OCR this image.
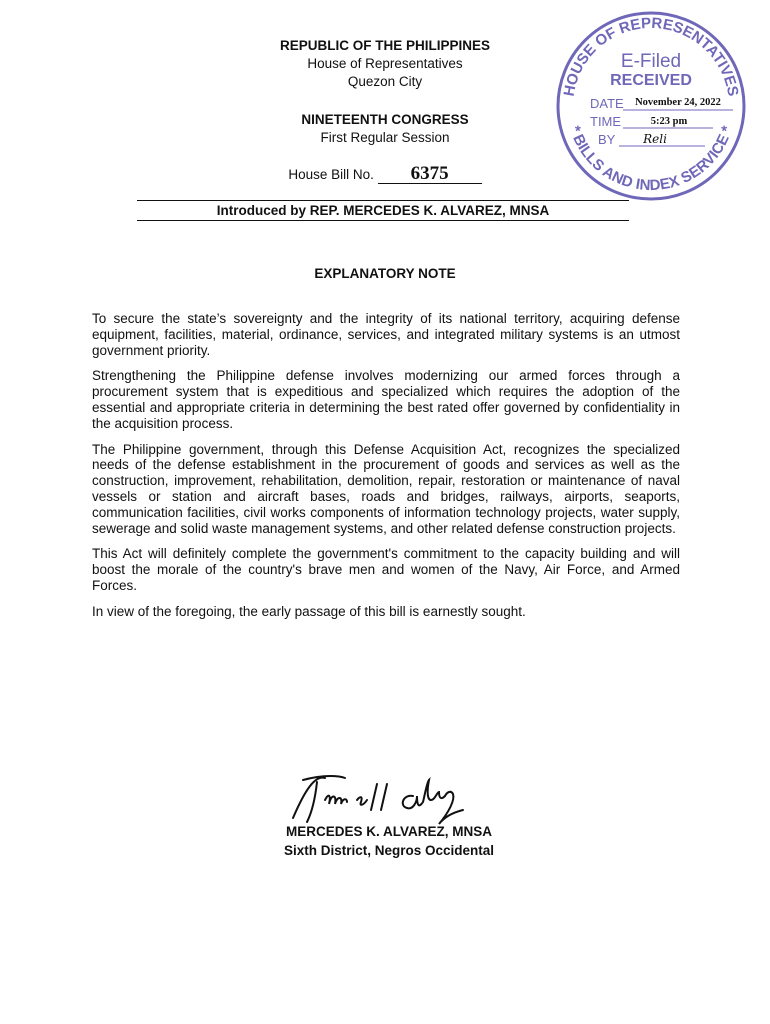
REPUBLIC OF THE PHILIPPINES
House of Representatives
Quezon City
NINETEENTH CONGRESS
First Regular Session
House Bill No. 6375
Introduced by REP. MERCEDES K. ALVAREZ, MNSA
EXPLANATORY NOTE

To secure the state’s sovereignty and the integrity of its national territory, acquiring defense equipment, facilities, material, ordinance, services, and integrated military systems is an utmost government priority.

Strengthening the Philippine defense involves modernizing our armed forces through a procurement system that is expeditious and specialized which requires the adoption of the essential and appropriate criteria in determining the best rated offer governed by confidentiality in the acquisition process.

The Philippine government, through this Defense Acquisition Act, recognizes the specialized needs of the defense establishment in the procurement of goods and services as well as the construction, improvement, rehabilitation, demolition, repair, restoration or maintenance of naval vessels or station and aircraft bases, roads and bridges, railways, airports, seaports, communication facilities, civil works components of information technology projects, water supply, sewerage and solid waste management systems, and other related defense construction projects.

This Act will definitely complete the government's commitment to the capacity building and will boost the morale of the country's brave men and women of the Navy, Air Force, and Armed Forces.

In view of the foregoing, the early passage of this bill is earnestly sought.

MERCEDES K. ALVAREZ, MNSA
Sixth District, Negros Occidental
HOUSE OF REPRESENTATIVES
* BILLS AND INDEX SERVICE *
E-Filed
RECEIVED
DATE November 24, 2022
TIME	5:23 pm
BY Reli
